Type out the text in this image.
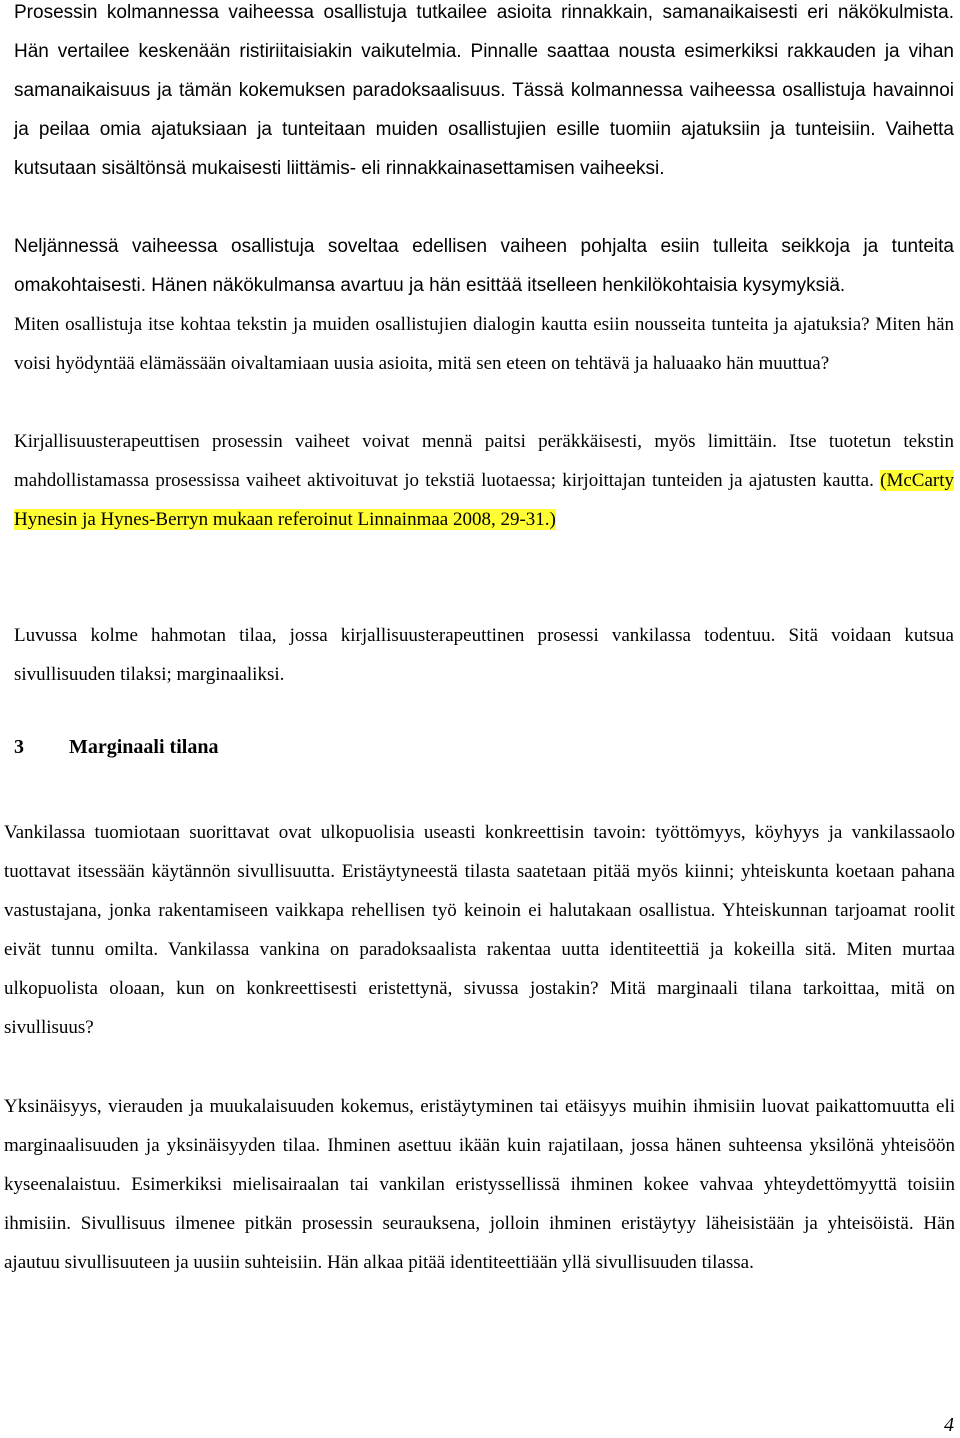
Prosessin kolmannessa vaiheessa osallistuja tutkailee asioita rinnakkain, samanaikaisesti eri näkökulmista. Hän vertailee keskenään ristiriitaisiakin vaikutelmia. Pinnalle saattaa nousta esimerkiksi rakkauden ja vihan samanaikaisuus ja tämän kokemuksen paradoksaalisuus. Tässä kolmannessa vaiheessa osallistuja havainnoi ja peilaa omia ajatuksiaan ja tunteitaan muiden osallistujien esille tuomiin ajatuksiin ja tunteisiin. Vaihetta kutsutaan sisältönsä mukaisesti liittämis- eli rinnakkainasettamisen vaiheeksi.

Neljännessä vaiheessa osallistuja soveltaa edellisen vaiheen pohjalta esiin tulleita seikkoja ja tunteita omakohtaisesti. Hänen näkökulmansa avartuu ja hän esittää itselleen henkilökohtaisia kysymyksiä.

Miten osallistuja itse kohtaa tekstin ja muiden osallistujien dialogin kautta esiin nousseita tunteita ja ajatuksia? Miten hän voisi hyödyntää elämässään oivaltamiaan uusia asioita, mitä sen eteen on tehtävä ja haluaako hän muuttua?

Kirjallisuusterapeuttisen prosessin vaiheet voivat mennä paitsi peräkkäisesti, myös limittäin. Itse tuotetun tekstin mahdollistamassa prosessissa vaiheet aktivoituvat jo tekstiä luotaessa; kirjoittajan tunteiden ja ajatusten kautta. (McCarty Hynesin ja Hynes-Berryn mukaan referoinut Linnainmaa 2008, 29-31.)

Luvussa kolme hahmotan tilaa, jossa kirjallisuusterapeuttinen prosessi vankilassa todentuu. Sitä voidaan kutsua sivullisuuden tilaksi; marginaaliksi.

3 Marginaali tilana

Vankilassa tuomiotaan suorittavat ovat ulkopuolisia useasti konkreettisin tavoin: työttömyys, köyhyys ja vankilassaolo tuottavat itsessään käytännön sivullisuutta. Eristäytyneestä tilasta saatetaan pitää myös kiinni; yhteiskunta koetaan pahana vastustajana, jonka rakentamiseen vaikkapa rehellisen työ keinoin ei halutakaan osallistua. Yhteiskunnan tarjoamat roolit eivät tunnu omilta. Vankilassa vankina on paradoksaalista rakentaa uutta identiteettiä ja kokeilla sitä. Miten murtaa ulkopuolista oloaan, kun on konkreettisesti eristettynä, sivussa jostakin? Mitä marginaali tilana tarkoittaa, mitä on sivullisuus?

Yksinäisyys, vierauden ja muukalaisuuden kokemus, eristäytyminen tai etäisyys muihin ihmisiin luovat paikattomuutta eli marginaalisuuden ja yksinäisyyden tilaa. Ihminen asettuu ikään kuin rajatilaan, jossa hänen suhteensa yksilönä yhteisöön kyseenalaistuu. Esimerkiksi mielisairaalan tai vankilan eristyssellissä ihminen kokee vahvaa yhteydettömyyttä toisiin ihmisiin. Sivullisuus ilmenee pitkän prosessin seurauksena, jolloin ihminen eristäytyy läheisistään ja yhteisöistä. Hän ajautuu sivullisuuteen ja uusiin suhteisiin. Hän alkaa pitää identiteettiään yllä sivullisuuden tilassa.

4
